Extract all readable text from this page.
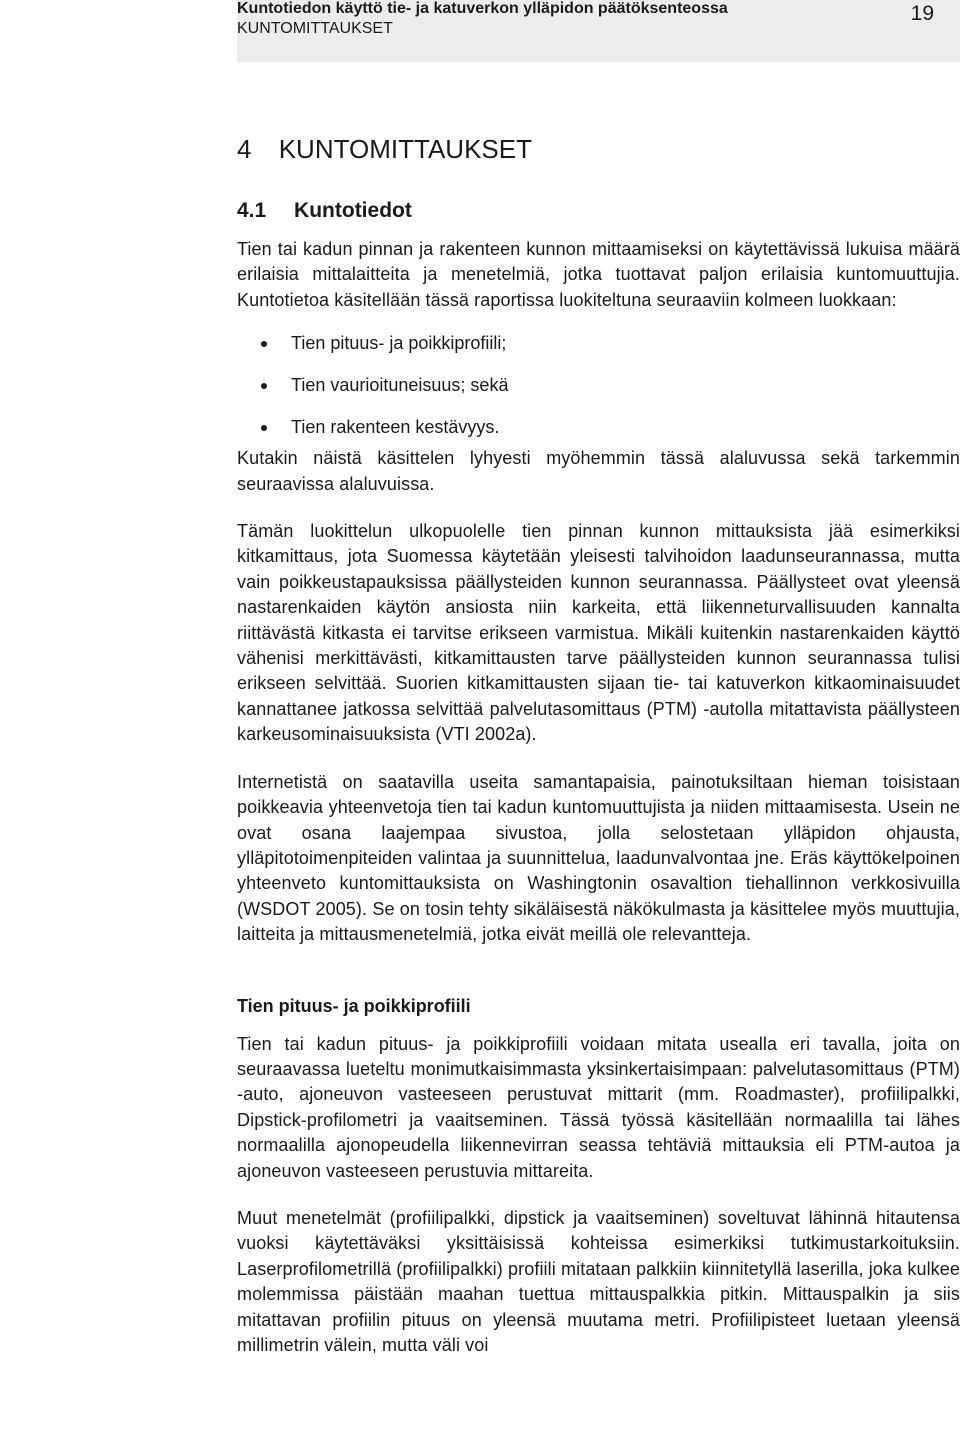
Kuntotiedon käyttö tie- ja katuverkon ylläpidon päätöksenteossa
KUNTOMITTAUKSET
19
4 KUNTOMITTAUKSET
4.1 Kuntotiedot

Tien tai kadun pinnan ja rakenteen kunnon mittaamiseksi on käytettävissä lukuisa määrä erilaisia mittalaitteita ja menetelmiä, jotka tuottavat paljon erilaisia kuntomuuttujia. Kuntotietoa käsitellään tässä raportissa luokiteltuna seuraaviin kolmeen luokkaan:

Tien pituus- ja poikkiprofiili;
Tien vaurioituneisuus; sekä
Tien rakenteen kestävyys.

Kutakin näistä käsittelen lyhyesti myöhemmin tässä alaluvussa sekä tarkemmin seuraavissa alaluvuissa.

Tämän luokittelun ulkopuolelle tien pinnan kunnon mittauksista jää esimerkiksi kitkamittaus, jota Suomessa käytetään yleisesti talvihoidon laadunseurannassa, mutta vain poikkeustapauksissa päällysteiden kunnon seurannassa. Päällysteet ovat yleensä nastarenkaiden käytön ansiosta niin karkeita, että liikenneturvallisuuden kannalta riittävästä kitkasta ei tarvitse erikseen varmistua. Mikäli kuitenkin nastarenkaiden käyttö vähenisi merkittävästi, kitkamittausten tarve päällysteiden kunnon seurannassa tulisi erikseen selvittää. Suorien kitkamittausten sijaan tie- tai katuverkon kitkaominaisuudet kannattanee jatkossa selvittää palvelutasomittaus (PTM) -autolla mitattavista päällysteen karkeusominaisuuksista (VTI 2002a).

Internetistä on saatavilla useita samantapaisia, painotuksiltaan hieman toisistaan poikkeavia yhteenvetoja tien tai kadun kuntomuuttujista ja niiden mittaamisesta. Usein ne ovat osana laajempaa sivustoa, jolla selostetaan ylläpidon ohjausta, ylläpitotoimenpiteiden valintaa ja suunnittelua, laadunvalvontaa jne. Eräs käyttökelpoinen yhteenveto kuntomittauksista on Washingtonin osavaltion tiehallinnon verkkosivuilla (WSDOT 2005). Se on tosin tehty sikäläisestä näkökulmasta ja käsittelee myös muuttujia, laitteita ja mittausmenetelmiä, jotka eivät meillä ole relevantteja.

Tien pituus- ja poikkiprofiili

Tien tai kadun pituus- ja poikkiprofiili voidaan mitata usealla eri tavalla, joita on seuraavassa lueteltu monimutkaisimmasta yksinkertaisimpaan: palvelutasomittaus (PTM) -auto, ajoneuvon vasteeseen perustuvat mittarit (mm. Roadmaster), profiilipalkki, Dipstick-profilometri ja vaaitseminen. Tässä työssä käsitellään normaalilla tai lähes normaalilla ajonopeudella liikennevirran seassa tehtäviä mittauksia eli PTM-autoa ja ajoneuvon vasteeseen perustuvia mittareita.

Muut menetelmät (profiilipalkki, dipstick ja vaaitseminen) soveltuvat lähinnä hitautensa vuoksi käytettäväksi yksittäisissä kohteissa esimerkiksi tutkimustarkoituksiin. Laserprofilometrillä (profiilipalkki) profiili mitataan palkkiin kiinnitetyllä laserilla, joka kulkee molemmissa päistään maahan tuettua mittauspalkkia pitkin. Mittauspalkin ja siis mitattavan profiilin pituus on yleensä muutama metri. Profiilipisteet luetaan yleensä millimetrin välein, mutta väli voi
